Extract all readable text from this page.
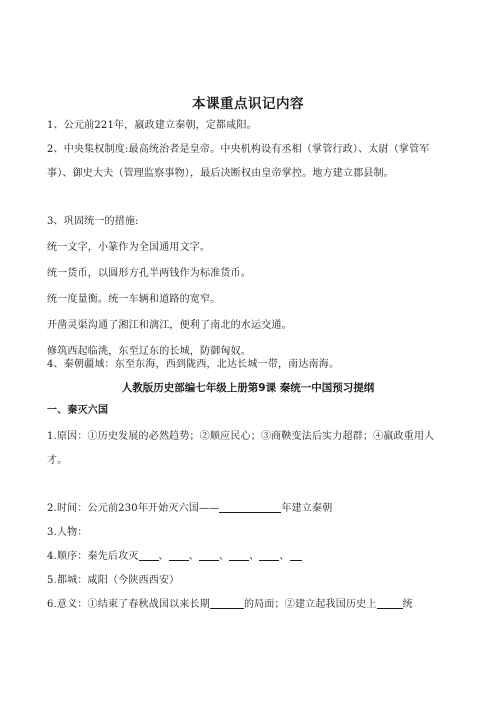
本课重点识记内容
1、公元前221年，嬴政建立秦朝，定都咸阳。
2、中央集权制度:最高统治者是皇帝。中央机构设有丞相（掌管行政）、太尉（掌管军事）、御史大夫（管理监察事物），最后决断权由皇帝掌控。地方建立郡县制。
3、巩固统一的措施:
统一文字，小篆作为全国通用文字。
统一货币，以圆形方孔半两钱作为标准货币。
统一度量衡。统一车辆和道路的宽窄。
开凿灵渠沟通了湘江和漓江，便利了南北的水运交通。
修筑西起临洮，东至辽东的长城，防御匈奴。
4、秦朝疆域：东至东海，西到陇西，北达长城一带，南达南海。
人教版历史部编七年级上册第9课 秦统一中国预习提纲
一、秦灭六国
1.原因：①历史发展的必然趋势；②顺应民心；③商鞅变法后实力超群；④嬴政重用人才。
2.时间：公元前230年开始灭六国——	年建立秦朝
3.人物：
4.顺序：秦先后攻灭 、 、 、 、 、
5.都城：咸阳（今陕西西安）
6.意义：①结束了春秋战国以来长期	的局面；②建立起我国历史上	统
